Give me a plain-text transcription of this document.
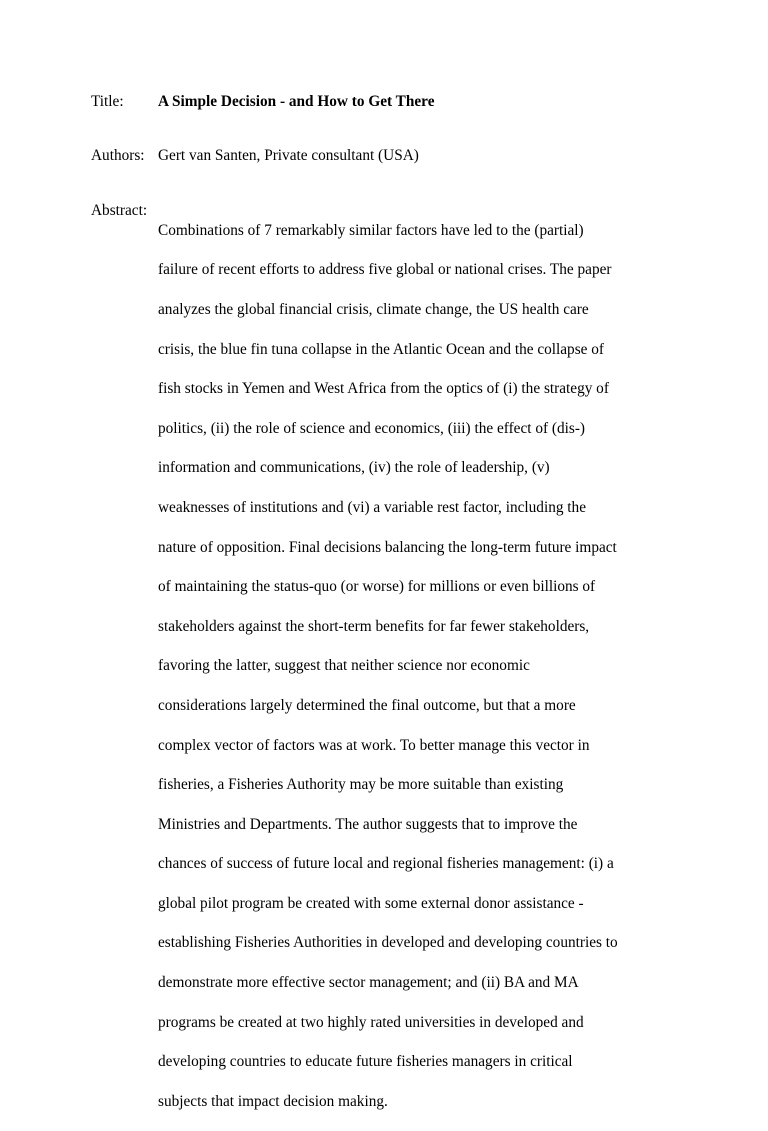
Title:	A Simple Decision - and How to Get There
Authors: Gert van Santen, Private consultant (USA)
Abstract:

Combinations of 7 remarkably similar factors have led to the (partial)

failure of recent efforts to address five global or national crises. The paper

analyzes the global financial crisis, climate change, the US health care

crisis, the blue fin tuna collapse in the Atlantic Ocean and the collapse of

fish stocks in Yemen and West Africa from the optics of (i) the strategy of

politics, (ii) the role of science and economics, (iii) the effect of (dis-)

information and communications, (iv) the role of leadership, (v)

weaknesses of institutions and (vi) a variable rest factor, including the

nature of opposition. Final decisions balancing the long-term future impact

of maintaining the status-quo (or worse) for millions or even billions of

stakeholders against the short-term benefits for far fewer stakeholders,

favoring the latter, suggest that neither science nor economic

considerations largely determined the final outcome, but that a more

complex vector of factors was at work. To better manage this vector in

fisheries, a Fisheries Authority may be more suitable than existing

Ministries and Departments. The author suggests that to improve the

chances of success of future local and regional fisheries management: (i) a

global pilot program be created with some external donor assistance -

establishing Fisheries Authorities in developed and developing countries to

demonstrate more effective sector management; and (ii) BA and MA

programs be created at two highly rated universities in developed and

developing countries to educate future fisheries managers in critical

subjects that impact decision making.
